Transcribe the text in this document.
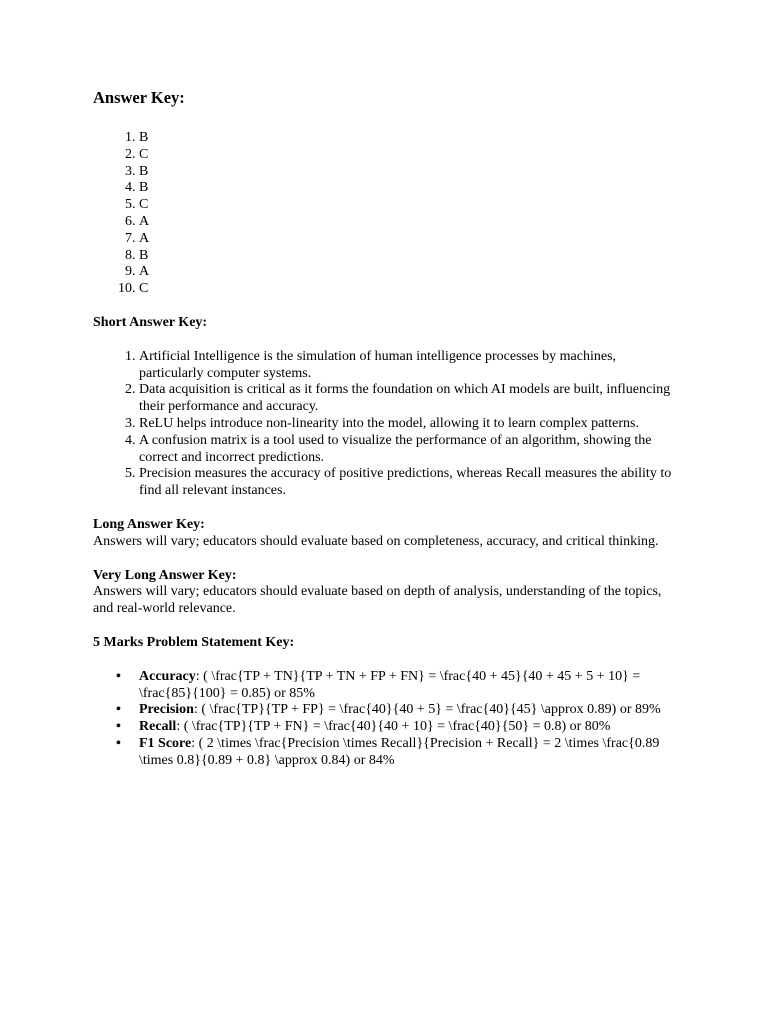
Answer Key:
1. B
2. C
3. B
4. B
5. C
6. A
7. A
8. B
9. A
10. C
Short Answer Key:
1. Artificial Intelligence is the simulation of human intelligence processes by machines, particularly computer systems.
2. Data acquisition is critical as it forms the foundation on which AI models are built, influencing their performance and accuracy.
3. ReLU helps introduce non-linearity into the model, allowing it to learn complex patterns.
4. A confusion matrix is a tool used to visualize the performance of an algorithm, showing the correct and incorrect predictions.
5. Precision measures the accuracy of positive predictions, whereas Recall measures the ability to find all relevant instances.
Long Answer Key:

Answers will vary; educators should evaluate based on completeness, accuracy, and critical thinking.

Very Long Answer Key:

Answers will vary; educators should evaluate based on depth of analysis, understanding of the topics, and real-world relevance.

5 Marks Problem Statement Key:
• Accuracy: ( \frac{TP + TN}{TP + TN + FP + FN} = \frac{40 + 45}{40 + 45 + 5 + 10} = \frac{85}{100} = 0.85) or 85%
• Precision: ( \frac{TP}{TP + FP} = \frac{40}{40 + 5} = \frac{40}{45} \approx 0.89) or 89%
• Recall: ( \frac{TP}{TP + FN} = \frac{40}{40 + 10} = \frac{40}{50} = 0.8) or 80%
• F1 Score: ( 2 \times \frac{Precision \times Recall}{Precision + Recall} = 2 \times \frac{0.89 \times 0.8}{0.89 + 0.8} \approx 0.84) or 84%
